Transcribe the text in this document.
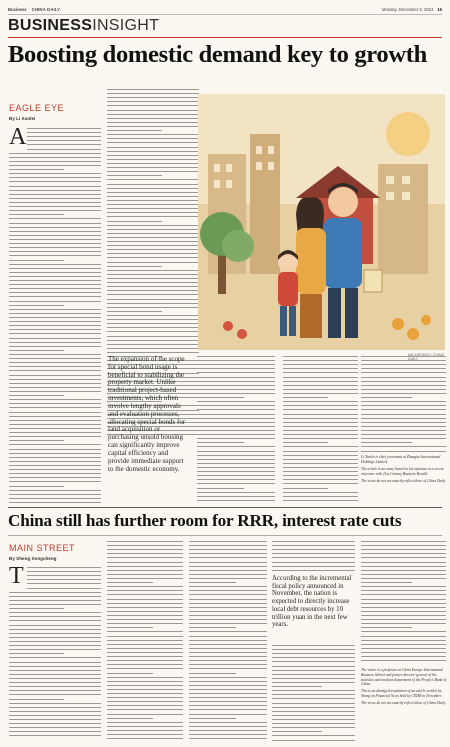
Business CHINA DAILY	Monday, December 9, 2024 15
BUSINESSINSIGHT
Boosting domestic demand key to growth
EAGLE EYE
By Li Xunlei
A
MA XUEJING / CHINA DAILY
The expansion of the scope for special bond usage is beneficial to stabilizing the property market. Unlike traditional project-based investments, which often involve lengthy approvals and evaluation processes, allocating special bonds for land acquisition or purchasing unsold housing can significantly improve capital efficiency and provide immediate support to the domestic economy.

Li Xunlei is chief economist at Zhongtai International Holdings Limited.

The article is an essay based on his opinions in a recent interview with 21st Century Business Herald.

The views do not necessarily reflect those of China Daily.

China still has further room for RRR, interest rate cuts
MAIN STREET
By Sheng Songcheng
T	According to the incremental fiscal policy announced in November, the nation is expected to directly increase local debt resources by 10 trillion yuan in the next few years.

The writer is a professor at China Europe International Business School and former director-general of the statistics and analysis department of the People's Bank of China.

This is an abridged translation of an article written by Sheng on Financial News held by CEIBS in November.

The views do not necessarily reflect those of China Daily.
